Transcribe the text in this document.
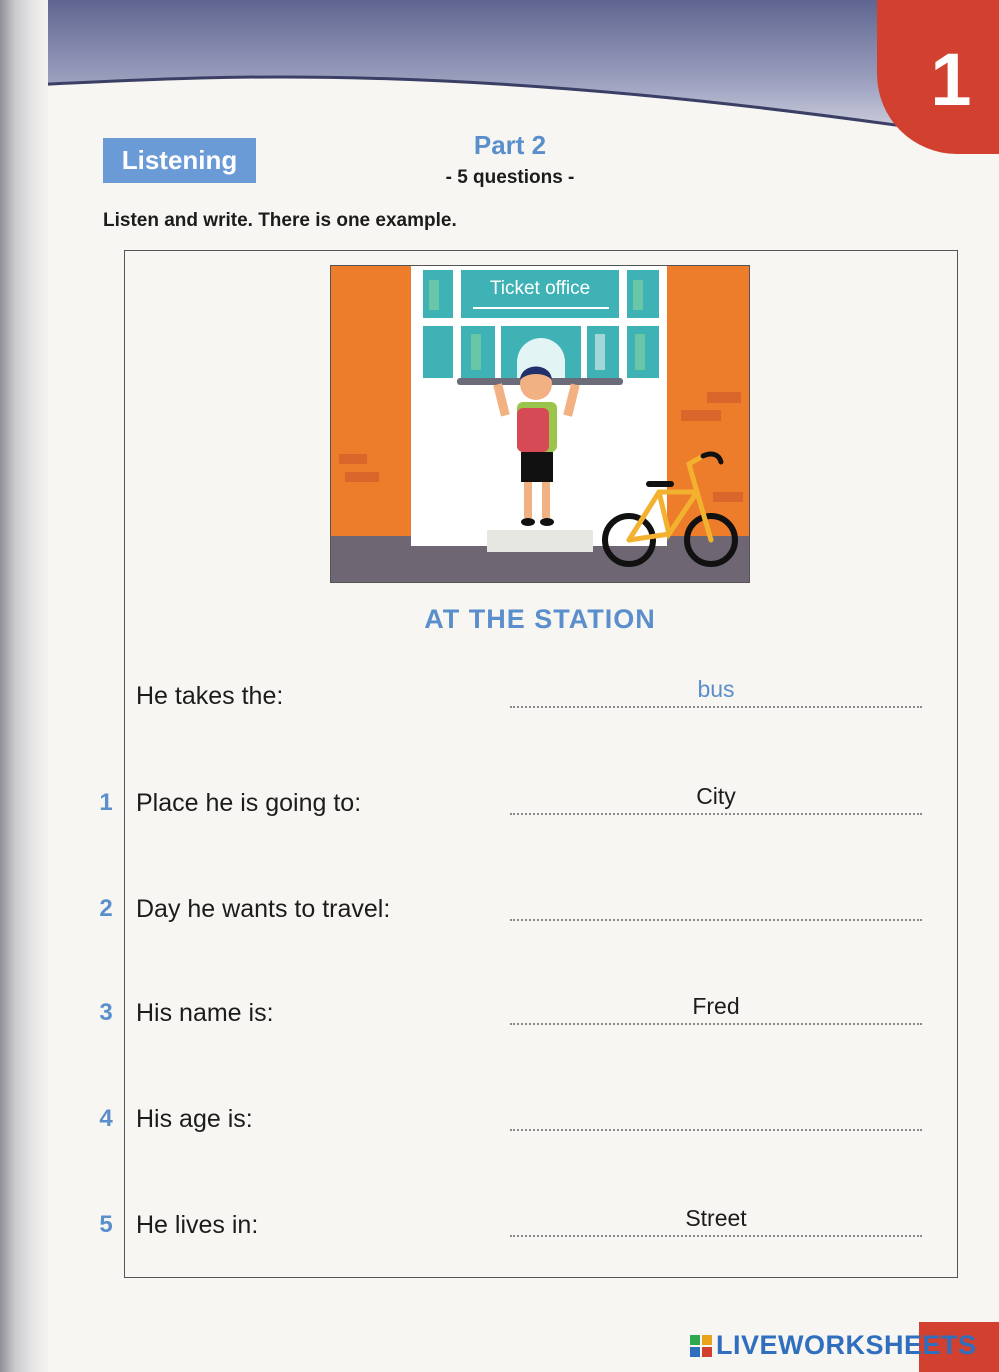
1
Listening	Part 2
- 5 questions -
Listen and write. There is one example.
Ticket office
AT THE STATION
He takes the:	bus
1 Place he is going to:	City
2 Day he wants to travel:
3 His name is:	Fred
4 His age is:
5 He lives in:	Street
LIVEWORKSHEETS
